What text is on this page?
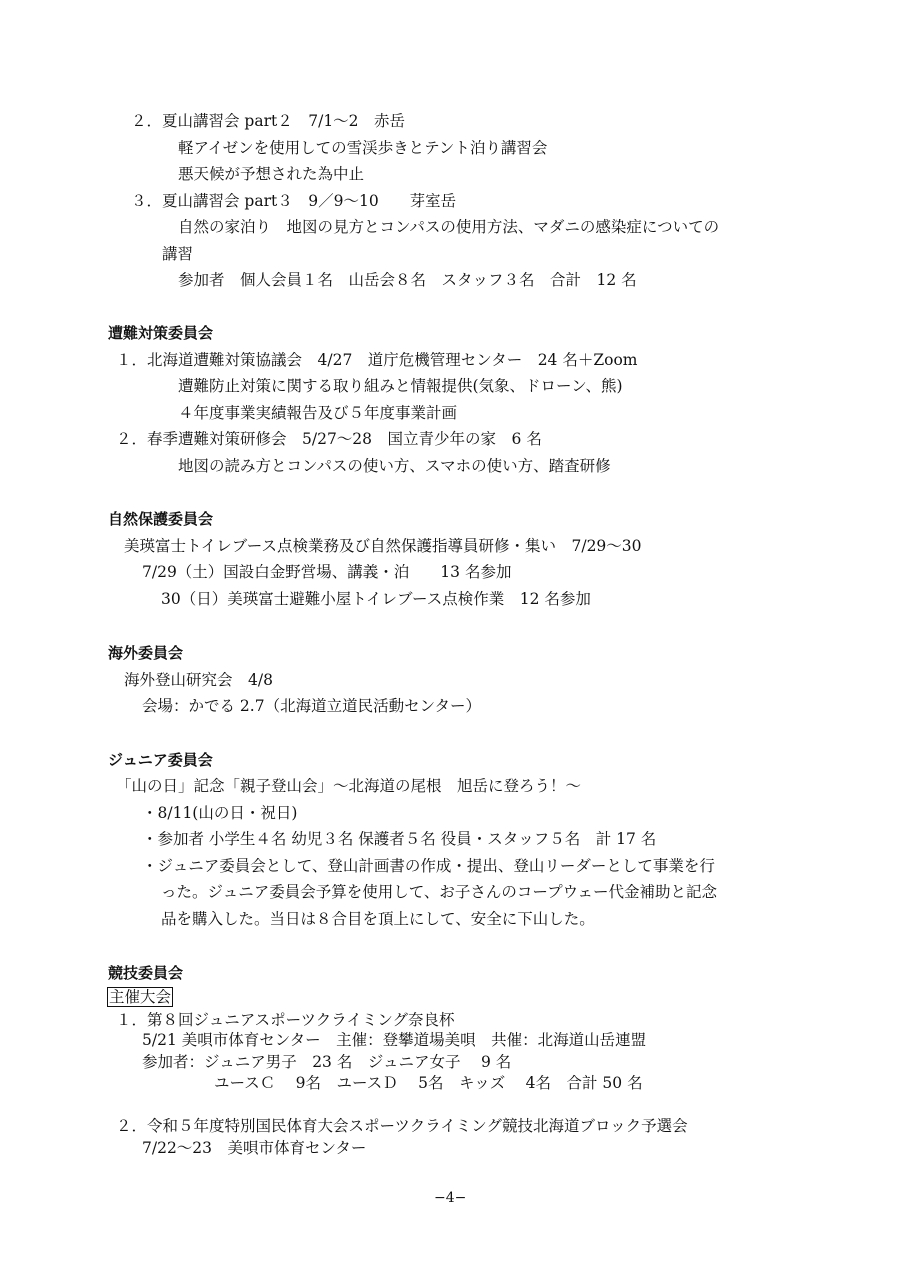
２．夏山講習会 part２　7/1～2　赤岳
軽アイゼンを使用しての雪渓歩きとテント泊り講習会
悪天候が予想された為中止
３．夏山講習会 part３　9／9～10　　芽室岳
自然の家泊り　地図の見方とコンパスの使用方法、マダニの感染症についての
講習
参加者　個人会員１名　山岳会８名　スタッフ３名　合計　12 名
遭難対策委員会
１．北海道遭難対策協議会　4/27　道庁危機管理センター　24 名＋Zoom
遭難防止対策に関する取り組みと情報提供(気象、ドローン、熊)
４年度事業実績報告及び５年度事業計画
２．春季遭難対策研修会　5/27～28　国立青少年の家　6 名
地図の読み方とコンパスの使い方、スマホの使い方、踏査研修
自然保護委員会
美瑛富士トイレブース点検業務及び自然保護指導員研修・集い　7/29～30
7/29（土）国設白金野営場、講義・泊　　13 名参加
30（日）美瑛富士避難小屋トイレブース点検作業　12 名参加
海外委員会
海外登山研究会　4/8
会場：かでる 2.7（北海道立道民活動センター）
ジュニア委員会
「山の日」記念「親子登山会」～北海道の尾根　旭岳に登ろう！～
・8/11(山の日・祝日)
・参加者 小学生４名 幼児３名 保護者５名 役員・スタッフ５名　計 17 名
・ジュニア委員会として、登山計画書の作成・提出、登山リーダーとして事業を行
った。ジュニア委員会予算を使用して、お子さんのコープウェー代金補助と記念
品を購入した。当日は８合目を頂上にして、安全に下山した。
競技委員会
主催大会
１．第８回ジュニアスポーツクライミング奈良杯
5/21 美唄市体育センター　主催：登攀道場美唄　共催：北海道山岳連盟
参加者：ジュニア男子　23 名　ジュニア女子　 9 名
ユースＣ　 9名　ユースＤ　 5名　キッズ　 4名　合計 50 名
２．令和５年度特別国民体育大会スポーツクライミング競技北海道ブロック予選会
7/22～23　美唄市体育センター
−4−
